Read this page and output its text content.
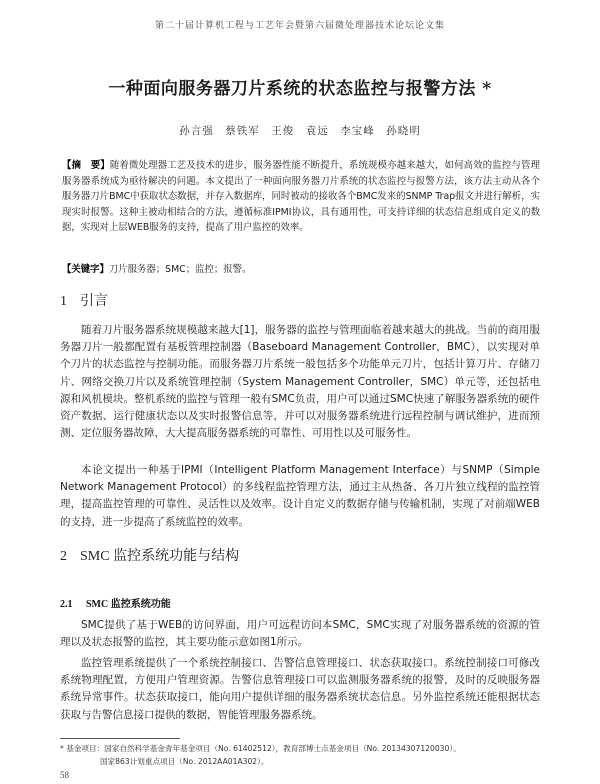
第二十届计算机工程与工艺年会暨第六届微处理器技术论坛论文集
一种面向服务器刀片系统的状态监控与报警方法 *
孙言强　蔡铁军　王俊　袁远　李宝峰　孙晓明
【摘　要】随着微处理器工艺及技术的进步，服务器性能不断提升，系统规模亦越来越大，如何高效的监控与管理服务器系统成为亟待解决的问题。本文提出了一种面向服务器刀片系统的状态监控与报警方法，该方法主动从各个服务器刀片BMC中获取状态数据，并存入数据库，同时被动的接收各个BMC发来的SNMP Trap报文并进行解析，实现实时报警。这种主被动相结合的方法，遵循标准IPMI协议，具有通用性，可支持详细的状态信息组成自定义的数据，实现对上层WEB服务的支持，提高了用户监控的效率。
【关键字】刀片服务器；SMC；监控；报警。
1 引言

随着刀片服务器系统规模越来越大[1]，服务器的监控与管理面临着越来越大的挑战。当前的商用服务器刀片一般都配置有基板管理控制器（Baseboard Management Controller，BMC），以实现对单个刀片的状态监控与控制功能。而服务器刀片系统一般包括多个功能单元刀片，包括计算刀片、存储刀片、网络交换刀片以及系统管理控制（System Management Controller，SMC）单元等，还包括电源和风机模块。整机系统的监控与管理一般有SMC负责，用户可以通过SMC快速了解服务器系统的硬件资产数据、运行健康状态以及实时报警信息等，并可以对服务器系统进行远程控制与调试维护，进而预测、定位服务器故障，大大提高服务器系统的可靠性、可用性以及可服务性。

本论文提出一种基于IPMI（Intelligent Platform Management Interface）与SNMP（Simple Network Management Protocol）的多线程监控管理方法，通过主从热备、各刀片独立线程的监控管理，提高监控管理的可靠性、灵活性以及效率。设计自定义的数据存储与传输机制，实现了对前端WEB的支持，进一步提高了系统监控的效率。

2 SMC 监控系统功能与结构
2.1 SMC 监控系统功能

SMC提供了基于WEB的访问界面，用户可远程访问本SMC，SMC实现了对服务器系统的资源的管理以及状态报警的监控，其主要功能示意如图1所示。

监控管理系统提供了一个系统控制接口、告警信息管理接口、状态获取接口。系统控制接口可修改系统物理配置，方便用户管理资源。告警信息管理接口可以监测服务器系统的报警，及时的反映服务器系统异常事件。状态获取接口，能向用户提供详细的服务器系统状态信息。另外监控系统还能根据状态获取与告警信息接口提供的数据，智能管理服务器系统。

* 基金项目：国家自然科学基金青年基金项目（No. 61402512），教育部博士点基金项目（No. 20134307120030）。
国家863计划重点项目（No. 2012AA01A302）。
58
